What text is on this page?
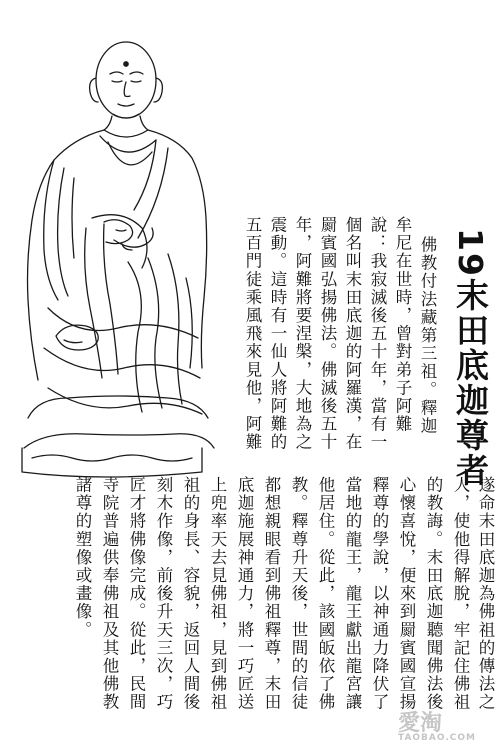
19末田底迦尊者
佛教付法藏第三祖。釋迦
牟尼在世時，曾對弟子阿難
說：我寂滅後五十年，當有一
個名叫末田底迦的阿羅漢，在
罽賓國弘揚佛法。佛滅後五十
年，阿難將要涅槃，大地為之
震動。這時有一仙人將阿難的
五百門徒乘風飛來見他，阿難
遂命末田底迦為佛祖的傳法之
人，使他得解脫，牢記住佛祖
的教誨。末田底迦聽聞佛法後
心懷喜悅，便來到罽賓國宣揚
釋尊的學說，以神通力降伏了
當地的龍王，龍王獻出龍宮讓
他居住。從此，該國皈依了佛
教。釋尊升天後，世間的信徒
都想親眼看到佛祖釋尊，末田
底迦施展神通力，將一巧匠送
上兜率天去見佛祖，見到佛祖
祖的身長、容貌，返回人間後
刻木作像，前後升天三次，巧
匠才將佛像完成。從此，民間
寺院普遍供奉佛祖及其他佛教
諸尊的塑像或畫像。
愛淘
TAOBAO.COM
